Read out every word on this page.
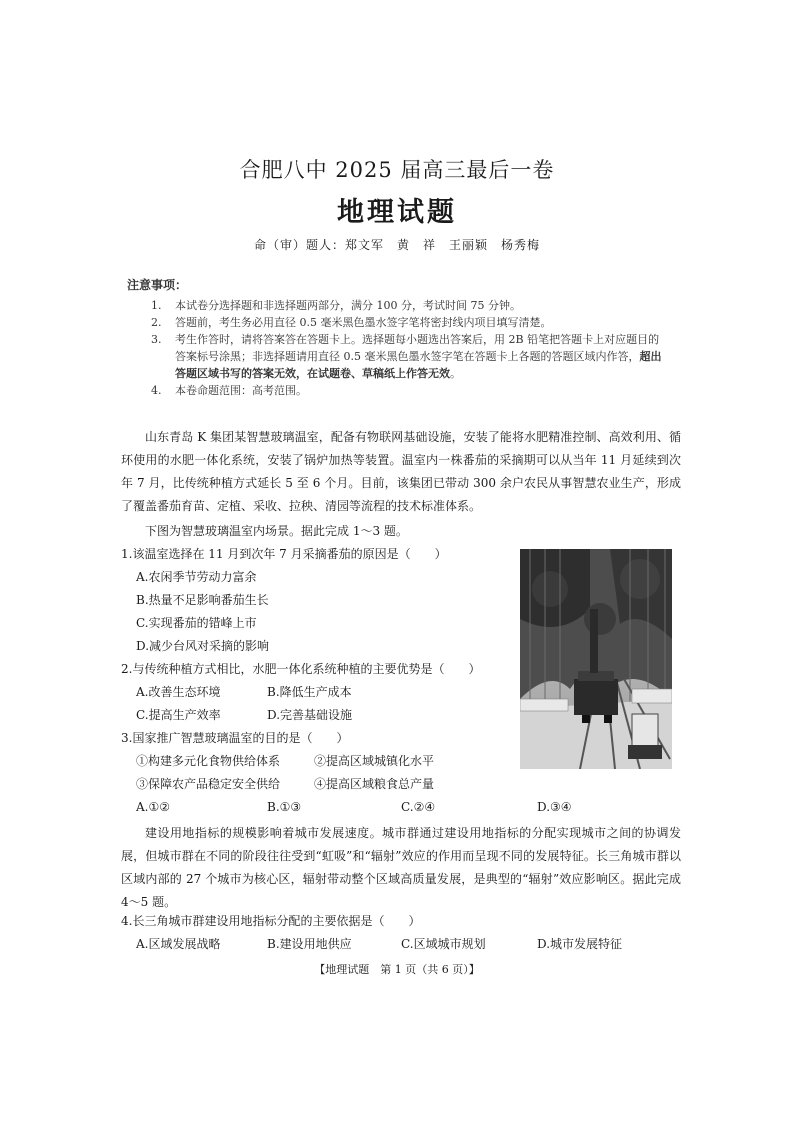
合肥八中 2025 届高三最后一卷
地理试题
命（审）题人：郑文军　黄　祥　王丽颖　杨秀梅
注意事项：
1.	本试卷分选择题和非选择题两部分，满分 100 分，考试时间 75 分钟。
2.	答题前，考生务必用直径 0.5 毫米黑色墨水签字笔将密封线内项目填写清楚。
3.	考生作答时，请将答案答在答题卡上。选择题每小题选出答案后，用 2B 铅笔把答题卡上对应题目的答案标号涂黑；非选择题请用直径 0.5 毫米黑色墨水签字笔在答题卡上各题的答题区域内作答，超出答题区域书写的答案无效，在试题卷、草稿纸上作答无效。
4.	本卷命题范围：高考范围。
山东青岛 K 集团某智慧玻璃温室，配备有物联网基础设施，安装了能将水肥精准控制、高效利用、循环使用的水肥一体化系统，安装了锅炉加热等装置。温室内一株番茄的采摘期可以从当年 11 月延续到次年 7 月，比传统种植方式延长 5 至 6 个月。目前，该集团已带动 300 余户农民从事智慧农业生产，形成了覆盖番茄育苗、定植、采收、拉秧、清园等流程的技术标准体系。
下图为智慧玻璃温室内场景。据此完成 1～3 题。
1.该温室选择在 11 月到次年 7 月采摘番茄的原因是（　　）
A.农闲季节劳动力富余
B.热量不足影响番茄生长
C.实现番茄的错峰上市
D.减少台风对采摘的影响
2.与传统种植方式相比，水肥一体化系统种植的主要优势是（　　）
A.改善生态环境	B.降低生产成本
C.提高生产效率	D.完善基础设施
3.国家推广智慧玻璃温室的目的是（　　）
①构建多元化食物供给体系	②提高区域城镇化水平
③保障农产品稳定安全供给	④提高区域粮食总产量
A.①②	B.①③	C.②④	D.③④
建设用地指标的规模影响着城市发展速度。城市群通过建设用地指标的分配实现城市之间的协调发展，但城市群在不同的阶段往往受到“虹吸”和“辐射”效应的作用而呈现不同的发展特征。长三角城市群以区域内部的 27 个城市为核心区，辐射带动整个区域高质量发展，是典型的“辐射”效应影响区。据此完成 4～5 题。
4.长三角城市群建设用地指标分配的主要依据是（　　）
A.区域发展战略	B.建设用地供应	C.区域城市规划	D.城市发展特征
【地理试题　第 1 页（共 6 页）】
